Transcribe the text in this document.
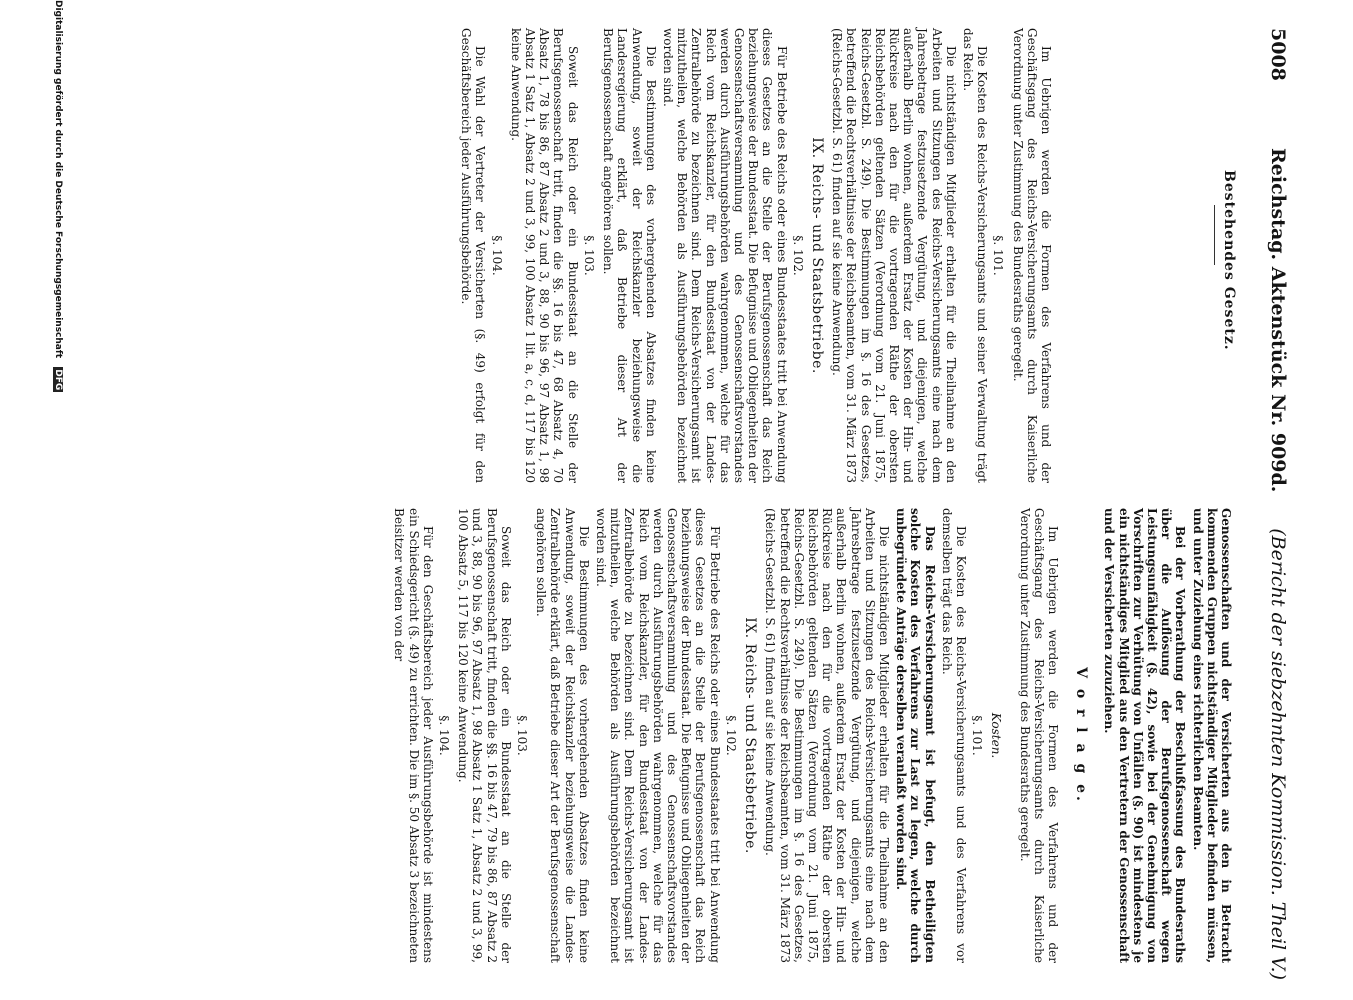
5008
Reichstag. Aktenstück Nr. 909d.
(Bericht der siebzehnten Kommission. Theil V.)
Bestehendes Gesetz.

Im Uebrigen werden die Formen des Verfahrens und der Geschäftsgang des Reichs-Versicherungsamts durch Kaiserliche Verordnung unter Zustimmung des Bundesraths geregelt.

§. 101.

Die Kosten des Reichs-Versicherungsamts und seiner Verwaltung trägt das Reich.

Die nichtständigen Mitglieder erhalten für die Theilnahme an den Arbeiten und Sitzungen des Reichs-Versicherungsamts eine nach dem Jahresbetrage festzusetzende Vergütung, und diejenigen, welche außerhalb Berlin wohnen, außerdem Ersatz der Kosten der Hin- und Rückreise nach den für die vortragenden Räthe der obersten Reichsbehörden geltenden Sätzen (Verordnung vom 21. Juni 1875, Reichs-Gesetzbl. S. 249). Die Bestimmungen im §. 16 des Gesetzes, betreffend die Rechtsverhältnisse der Reichsbeamten, vom 31. März 1873 (Reichs-Gesetzbl. S. 61) finden auf sie keine Anwendung.

IX. Reichs- und Staatsbetriebe.
§. 102.

Für Betriebe des Reichs oder eines Bundesstaates tritt bei Anwendung dieses Gesetzes an die Stelle der Berufsgenossenschaft das Reich beziehungsweise der Bundesstaat. Die Befugnisse und Obliegenheiten der Genossenschaftsversammlung und des Genossenschaftsvorstandes werden durch Ausführungsbehörden wahrgenommen, welche für das Reich vom Reichskanzler, für den Bundesstaat von der Landes-Zentralbehörde zu bezeichnen sind. Dem Reichs-Versicherungsamt ist mitzutheilen, welche Behörden als Ausführungsbehörden bezeichnet worden sind.

Die Bestimmungen des vorhergehenden Absatzes finden keine Anwendung, soweit der Reichskanzler beziehungsweise die Landesregierung erklärt, daß Betriebe dieser Art der Berufsgenossenschaft angehören sollen.

§. 103.

Soweit das Reich oder ein Bundesstaat an die Stelle der Berufsgenossenschaft tritt, finden die §§. 16 bis 47, 68 Absatz 4, 70 Absatz 1, 78 bis 86, 87 Absatz 2 und 3, 88, 90 bis 96, 97 Absatz 1, 98 Absatz 1 Satz 1, Absatz 2 und 3, 99, 100 Absatz 1 lit. a, c, d, 117 bis 120 keine Anwendung.

§. 104.

Die Wahl der Vertreter der Versicherten (§. 49) erfolgt für den Geschäftsbereich jeder Ausführungsbehörde.

Genossenschaften und der Versicherten aus den in Betracht kommenden Gruppen nichtständiger Mitglieder befinden müssen, und unter Zuziehung eines richterlichen Beamten.

Bei der Vorberathung der Beschlußfassung des Bundesraths über die Auflösung der Berufsgenossenschaft wegen Leistungsunfähigkeit (§. 42), sowie bei der Genehmigung von Vorschriften zur Verhütung von Unfällen (§. 90) ist mindestens je ein nichtständiges Mitglied aus den Vertretern der Genossenschaft und der Versicherten zuzuziehen.

V o r l a g e.

Im Uebrigen werden die Formen des Verfahrens und der Geschäftsgang des Reichs-Versicherungsamts durch Kaiserliche Verordnung unter Zustimmung des Bundesraths geregelt.

Kosten.
§. 101.

Die Kosten des Reichs-Versicherungsamts und des Verfahrens vor demselben trägt das Reich.

Das Reichs-Versicherungsamt ist befugt, den Betheiligten solche Kosten des Verfahrens zur Last zu legen, welche durch unbegründete Anträge derselben veranlaßt worden sind.

Die nichtständigen Mitglieder erhalten für die Theilnahme an den Arbeiten und Sitzungen des Reichs-Versicherungsamts eine nach dem Jahresbetrage festzusetzende Vergütung, und diejenigen, welche außerhalb Berlin wohnen, außerdem Ersatz der Kosten der Hin- und Rückreise nach den für die vortragenden Räthe der obersten Reichsbehörden geltenden Sätzen (Verordnung vom 21. Juni 1875, Reichs-Gesetzbl. S. 249). Die Bestimmungen im §. 16 des Gesetzes, betreffend die Rechtsverhältnisse der Reichsbeamten, vom 31. März 1873 (Reichs-Gesetzbl. S. 61) finden auf sie keine Anwendung.

IX. Reichs- und Staatsbetriebe.
§. 102.

Für Betriebe des Reichs oder eines Bundesstaates tritt bei Anwendung dieses Gesetzes an die Stelle der Berufsgenossenschaft das Reich beziehungsweise der Bundesstaat. Die Befugnisse und Obliegenheiten der Genossenschaftsversammlung und des Genossenschaftsvorstandes werden durch Ausführungsbehörden wahrgenommen, welche für das Reich vom Reichskanzler, für den Bundesstaat von der Landes-Zentralbehörde zu bezeichnen sind. Dem Reichs-Versicherungsamt ist mitzutheilen, welche Behörden als Ausführungsbehörden bezeichnet worden sind.

Die Bestimmungen des vorhergehenden Absatzes finden keine Anwendung, soweit der Reichskanzler beziehungsweise die Landes-Zentralbehörde erklärt, daß Betriebe dieser Art der Berufsgenossenschaft angehören sollen.

§. 103.

Soweit das Reich oder ein Bundesstaat an die Stelle der Berufsgenossenschaft tritt, finden die §§. 16 bis 47, 79 bis 86, 87 Absatz 2 und 3, 88, 90 bis 96, 97 Absatz 1, 98 Absatz 1 Satz 1, Absatz 2 und 3, 99, 100 Absatz 5, 117 bis 120 keine Anwendung.

§. 104.

Für den Geschäftsbereich jeder Ausführungsbehörde ist mindestens ein Schiedsgericht (§. 49) zu errichten. Die im §. 50 Absatz 3 bezeichneten Beisitzer werden von der

Digitalisierung gefördert durch die Deutsche Forschungsgemeinschaft DFG
